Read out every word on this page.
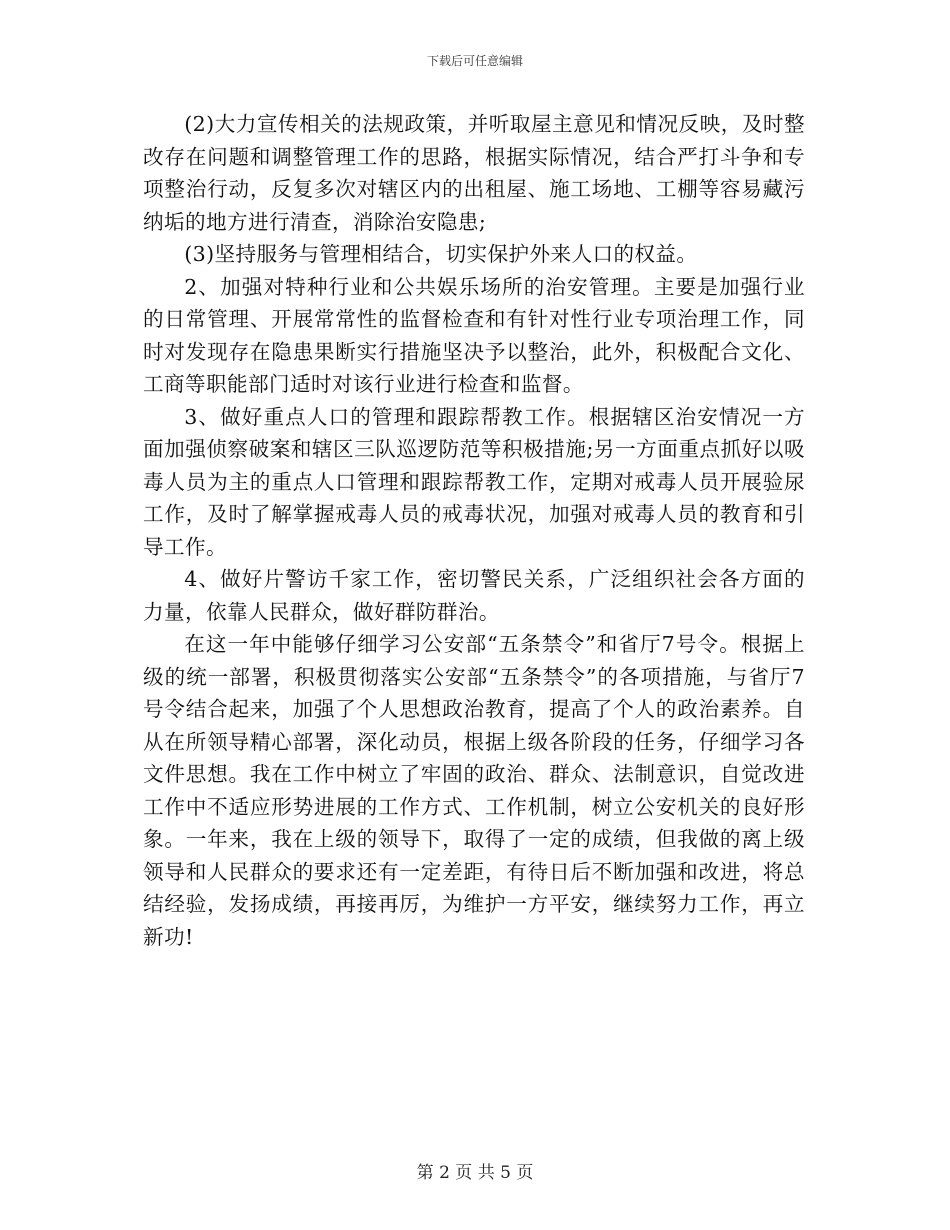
下载后可任意编辑

(2)大力宣传相关的法规政策，并听取屋主意见和情况反映，及时整改存在问题和调整管理工作的思路，根据实际情况，结合严打斗争和专项整治行动，反复多次对辖区内的出租屋、施工场地、工棚等容易藏污纳垢的地方进行清查，消除治安隐患;

(3)坚持服务与管理相结合，切实保护外来人口的权益。

2、加强对特种行业和公共娱乐场所的治安管理。主要是加强行业的日常管理、开展常常性的监督检查和有针对性行业专项治理工作，同时对发现存在隐患果断实行措施坚决予以整治，此外，积极配合文化、工商等职能部门适时对该行业进行检查和监督。

3、做好重点人口的管理和跟踪帮教工作。根据辖区治安情况一方面加强侦察破案和辖区三队巡逻防范等积极措施;另一方面重点抓好以吸毒人员为主的重点人口管理和跟踪帮教工作，定期对戒毒人员开展验尿工作，及时了解掌握戒毒人员的戒毒状况，加强对戒毒人员的教育和引导工作。

4、做好片警访千家工作，密切警民关系，广泛组织社会各方面的力量，依靠人民群众，做好群防群治。

在这一年中能够仔细学习公安部“五条禁令”和省厅7号令。根据上级的统一部署，积极贯彻落实公安部“五条禁令”的各项措施，与省厅7号令结合起来，加强了个人思想政治教育，提高了个人的政治素养。自从在所领导精心部署，深化动员，根据上级各阶段的任务，仔细学习各文件思想。我在工作中树立了牢固的政治、群众、法制意识，自觉改进工作中不适应形势进展的工作方式、工作机制，树立公安机关的良好形象。一年来，我在上级的领导下，取得了一定的成绩，但我做的离上级领导和人民群众的要求还有一定差距，有待日后不断加强和改进，将总结经验，发扬成绩，再接再厉，为维护一方平安，继续努力工作，再立新功!

第 2 页 共 5 页
